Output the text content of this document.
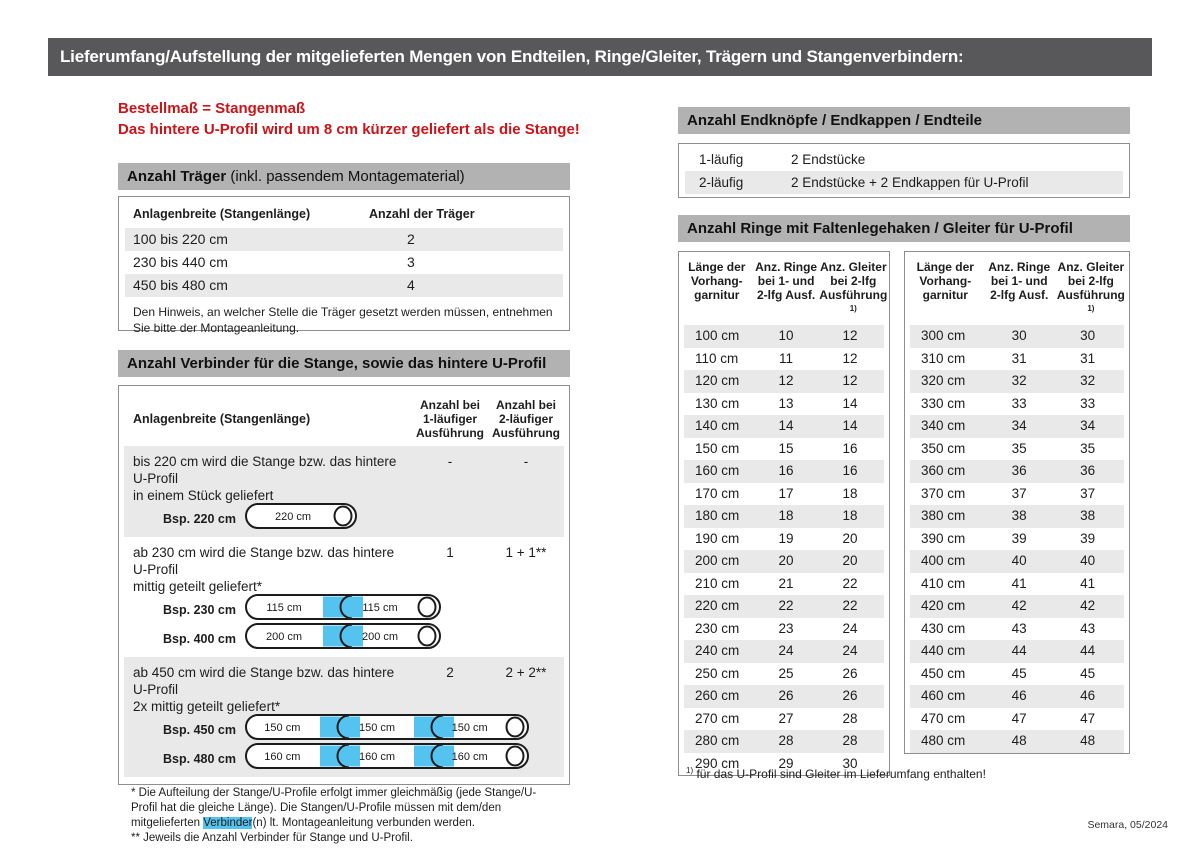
Lieferumfang/Aufstellung der mitgelieferten Mengen von Endteilen, Ringe/Gleiter, Trägern und Stangenverbindern:
Bestellmaß = Stangenmaß
Das hintere U-Profil wird um 8 cm kürzer geliefert als die Stange!
Anzahl Träger (inkl. passendem Montagematerial)
Anlagenbreite (Stangenlänge)	Anzahl der Träger
100 bis 220 cm	2
230 bis 440 cm	3
450 bis 480 cm	4
Den Hinweis, an welcher Stelle die Träger gesetzt werden müssen, entnehmen Sie bitte der Montageanleitung.
Anzahl Verbinder für die Stange, sowie das hintere U-Profil
Anlagenbreite (Stangenlänge)
Anzahl bei
1-läufiger
Ausführung
Anzahl bei
2-läufiger
Ausführung
bis 220 cm wird die Stange bzw. das hintere U-Profil
in einem Stück geliefert
-	-
Bsp. 220 cm	220 cm
ab 230 cm wird die Stange bzw. das hintere U-Profil
mittig geteilt geliefert*
1	1 + 1**
Bsp. 230 cm	115 cm	115 cm
Bsp. 400 cm	200 cm	200 cm
ab 450 cm wird die Stange bzw. das hintere U-Profil
2x mittig geteilt geliefert*
2	2 + 2**
Bsp. 450 cm	150 cm	150 cm	150 cm
Bsp. 480 cm	160 cm	160 cm	160 cm
* Die Aufteilung der Stange/U-Profile erfolgt immer gleichmäßig (jede Stange/U-Profil hat die gleiche Länge). Die Stangen/U-Profile müssen mit dem/den mitgelieferten Verbinder(n) lt. Montageanleitung verbunden werden.
** Jeweils die Anzahl Verbinder für Stange und U-Profil.
Anzahl Endknöpfe / Endkappen / Endteile
1-läufig	2 Endstücke
2-läufig	2 Endstücke + 2 Endkappen für U-Profil
Anzahl Ringe mit Faltenlegehaken / Gleiter für U-Profil
Länge der
Vorhang-
garnitur
Anz. Ringe
bei 1- und
2-lfg Ausf.
Anz. Gleiter
bei 2-lfg
Ausführung $^{1)}$
100 cm	10	12
110 cm	11	12
120 cm	12	12
130 cm	13	14
140 cm	14	14
150 cm	15	16
160 cm	16	16
170 cm	17	18
180 cm	18	18
190 cm	19	20
200 cm	20	20
210 cm	21	22
220 cm	22	22
230 cm	23	24
240 cm	24	24
250 cm	25	26
260 cm	26	26
270 cm	27	28
280 cm	28	28
290 cm	29	30
Länge der
Vorhang-
garnitur
Anz. Ringe
bei 1- und
2-lfg Ausf.
Anz. Gleiter
bei 2-lfg
Ausführung $^{1)}$
300 cm	30	30
310 cm	31	31
320 cm	32	32
330 cm	33	33
340 cm	34	34
350 cm	35	35
360 cm	36	36
370 cm	37	37
380 cm	38	38
390 cm	39	39
400 cm	40	40
410 cm	41	41
420 cm	42	42
430 cm	43	43
440 cm	44	44
450 cm	45	45
460 cm	46	46
470 cm	47	47
480 cm	48	48
$^{1)}$ für das U-Profil sind Gleiter im Lieferumfang enthalten!
Semara, 05/2024
